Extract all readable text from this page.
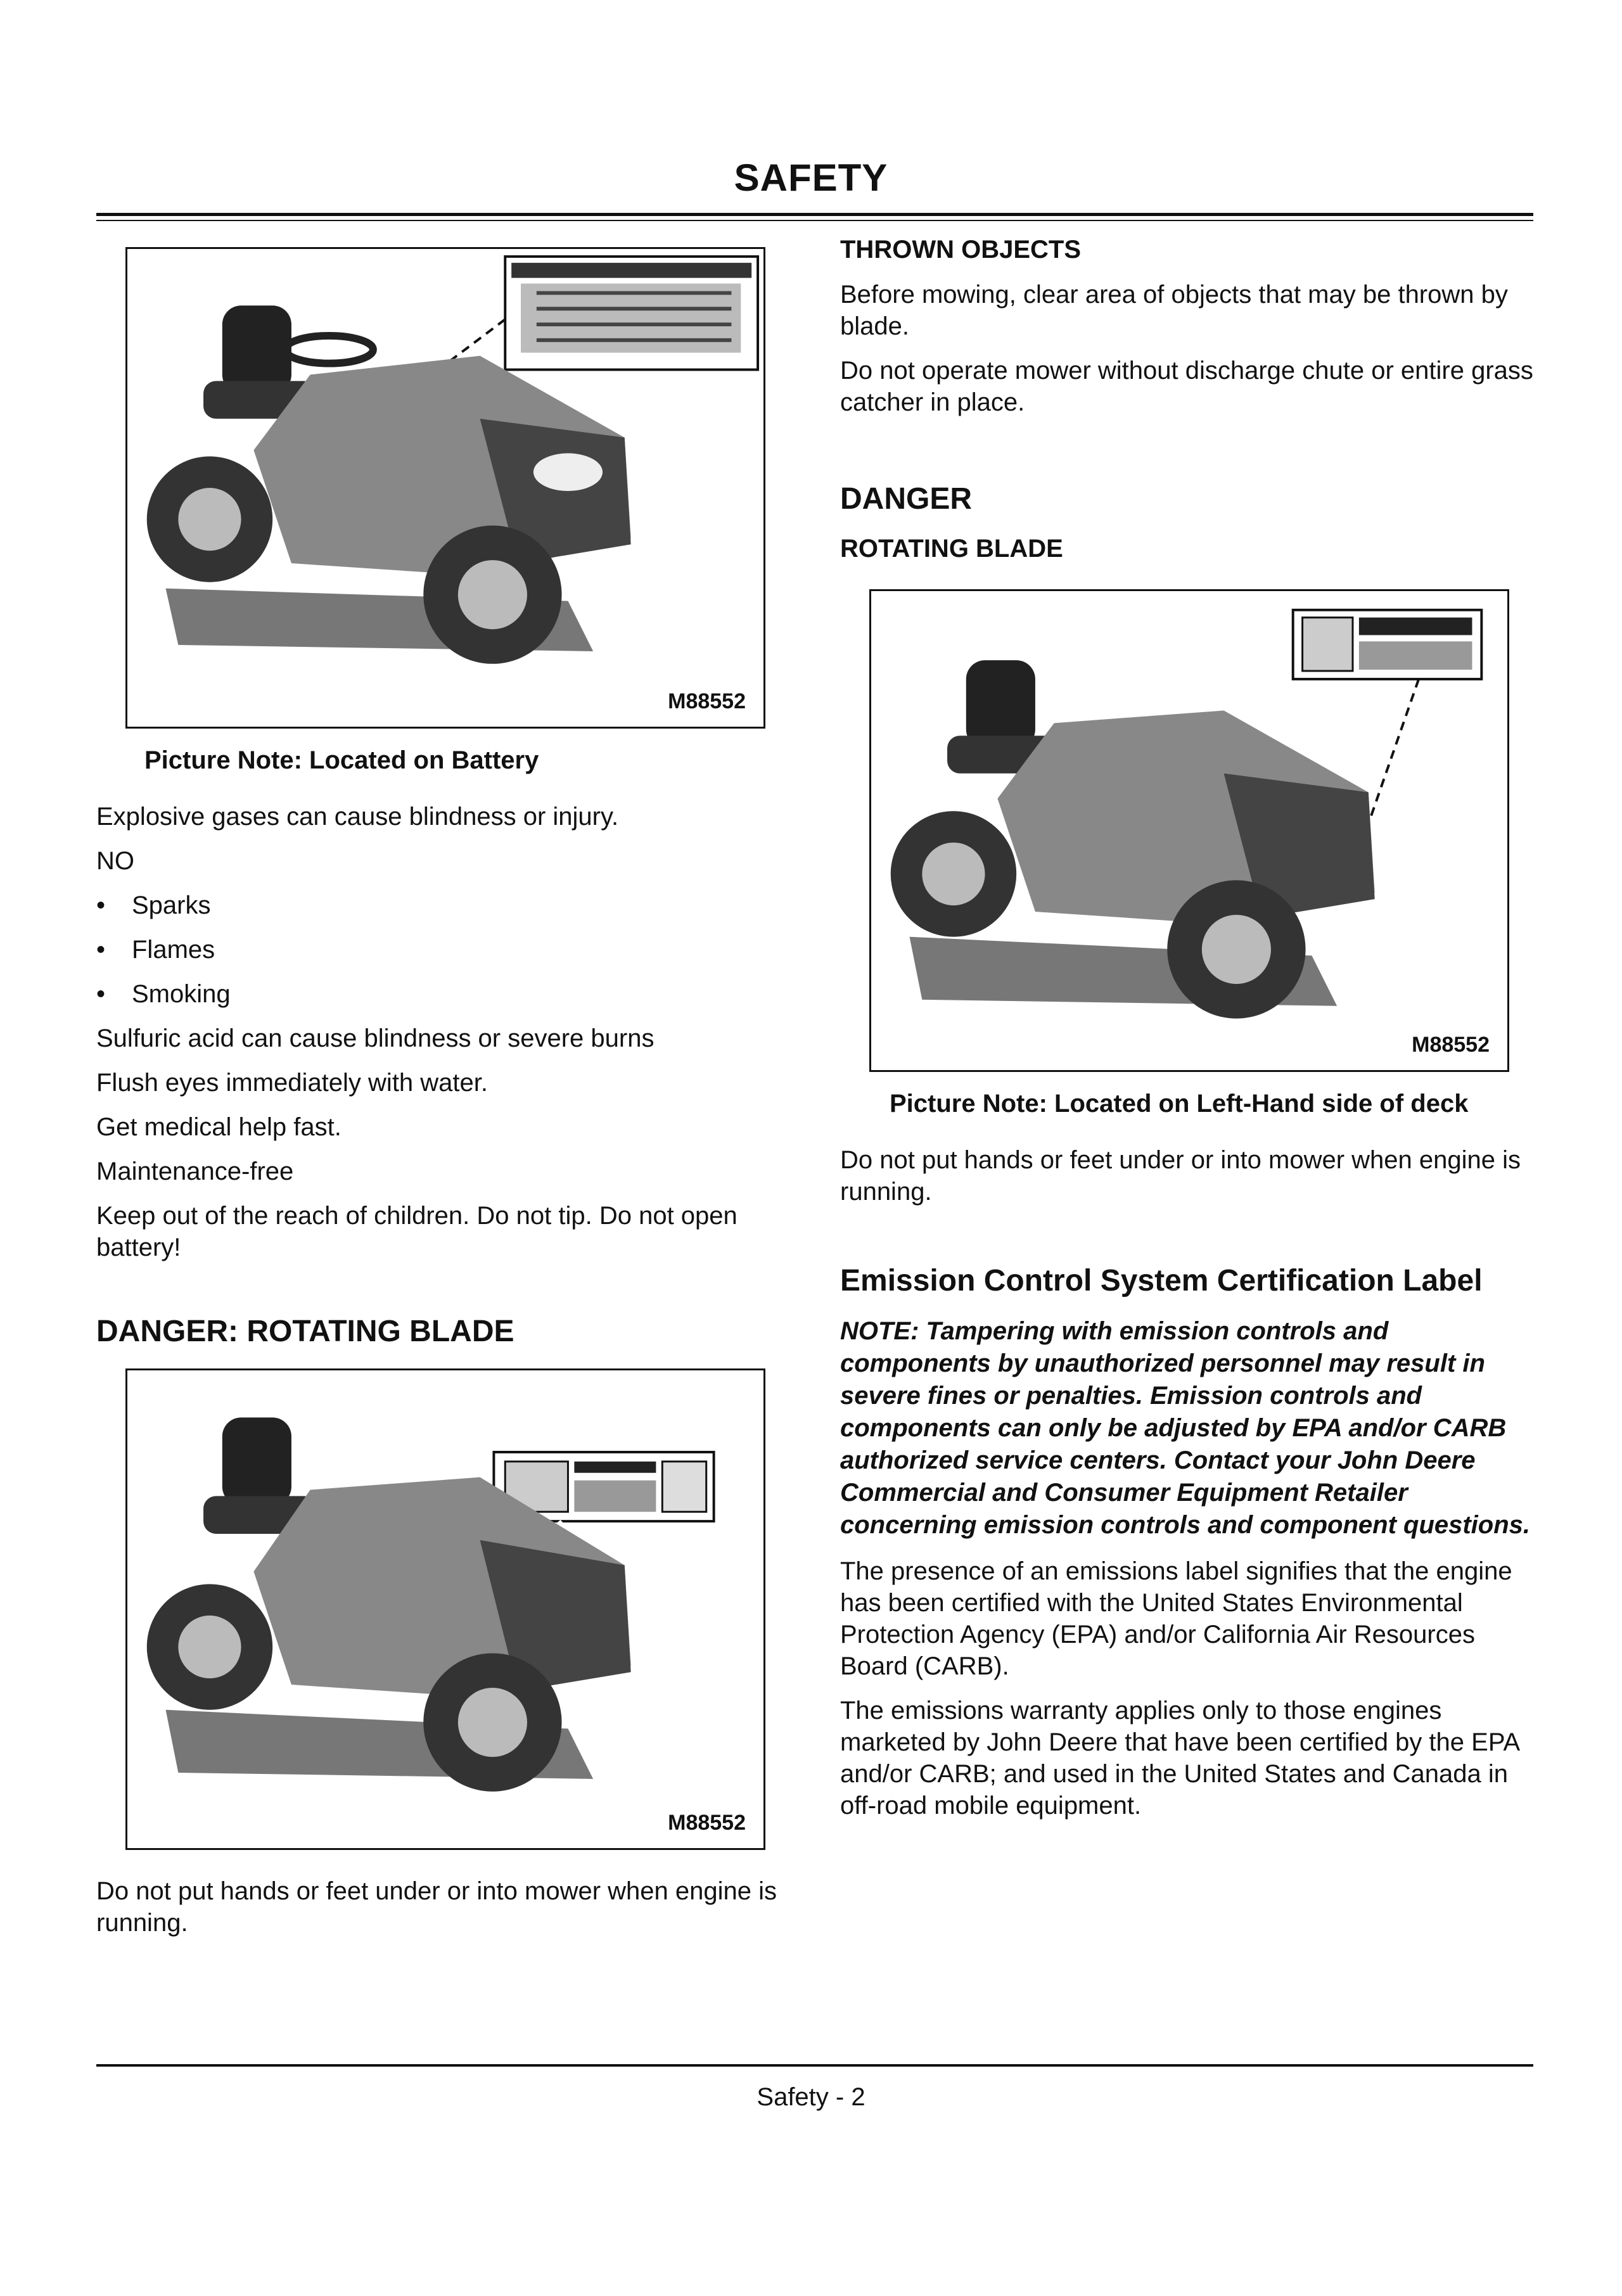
SAFETY
M88552
Picture Note: Located on Battery

Explosive gases can cause blindness or injury.

NO

• Sparks

• Flames

• Smoking

Sulfuric acid can cause blindness or severe burns

Flush eyes immediately with water.

Get medical help fast.

Maintenance-free

Keep out of the reach of children. Do not tip. Do not open battery!

DANGER: ROTATING BLADE
M88552

Do not put hands or feet under or into mower when engine is running.

THROWN OBJECTS

Before mowing, clear area of objects that may be thrown by blade.

Do not operate mower without discharge chute or entire grass catcher in place.

DANGER
ROTATING BLADE
M88552
Picture Note: Located on Left-Hand side of deck

Do not put hands or feet under or into mower when engine is running.

Emission Control System Certification Label

NOTE: Tampering with emission controls and components by unauthorized personnel may result in severe fines or penalties. Emission controls and components can only be adjusted by EPA and/or CARB authorized service centers. Contact your John Deere Commercial and Consumer Equipment Retailer concerning emission controls and component questions.

The presence of an emissions label signifies that the engine has been certified with the United States Environmental Protection Agency (EPA) and/or California Air Resources Board (CARB).

The emissions warranty applies only to those engines marketed by John Deere that have been certified by the EPA and/or CARB; and used in the United States and Canada in off-road mobile equipment.

Safety - 2
